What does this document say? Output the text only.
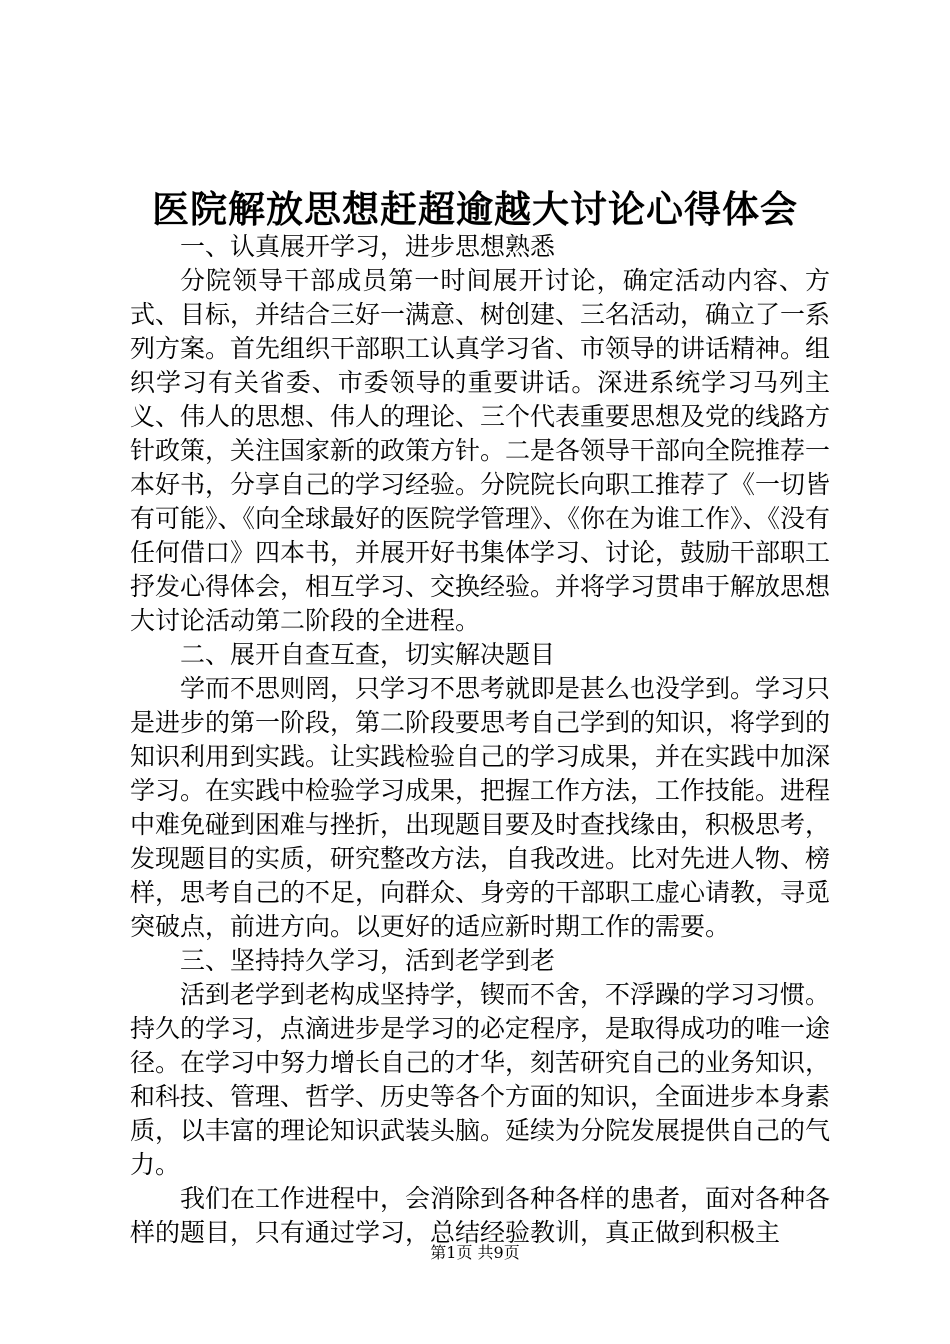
医院解放思想赶超逾越大讨论心得体会

一、认真展开学习，进步思想熟悉

分院领导干部成员第一时间展开讨论，确定活动内容、方式、目标，并结合三好一满意、树创建、三名活动，确立了一系列方案。首先组织干部职工认真学习省、市领导的讲话精神。组织学习有关省委、市委领导的重要讲话。深进系统学习马列主义、伟人的思想、伟人的理论、三个代表重要思想及党的线路方针政策，关注国家新的政策方针。二是各领导干部向全院推荐一本好书，分享自己的学习经验。分院院长向职工推荐了《一切皆有可能》、《向全球最好的医院学管理》、《你在为谁工作》、《没有任何借口》四本书，并展开好书集体学习、讨论，鼓励干部职工抒发心得体会，相互学习、交换经验。并将学习贯串于解放思想大讨论活动第二阶段的全进程。

二、展开自查互查，切实解决题目

学而不思则罔，只学习不思考就即是甚么也没学到。学习只是进步的第一阶段，第二阶段要思考自己学到的知识，将学到的知识利用到实践。让实践检验自己的学习成果，并在实践中加深学习。在实践中检验学习成果，把握工作方法，工作技能。进程中难免碰到困难与挫折，出现题目要及时查找缘由，积极思考，发现题目的实质，研究整改方法，自我改进。比对先进人物、榜样，思考自己的不足，向群众、身旁的干部职工虚心请教，寻觅突破点，前进方向。以更好的适应新时期工作的需要。

三、坚持持久学习，活到老学到老

活到老学到老构成坚持学，锲而不舍，不浮躁的学习习惯。持久的学习，点滴进步是学习的必定程序，是取得成功的唯一途径。在学习中努力增长自己的才华，刻苦研究自己的业务知识，和科技、管理、哲学、历史等各个方面的知识，全面进步本身素质，以丰富的理论知识武装头脑。延续为分院发展提供自己的气力。

我们在工作进程中，会消除到各种各样的患者，面对各种各样的题目，只有通过学习，总结经验教训，真正做到积极主

第1页 共9页
